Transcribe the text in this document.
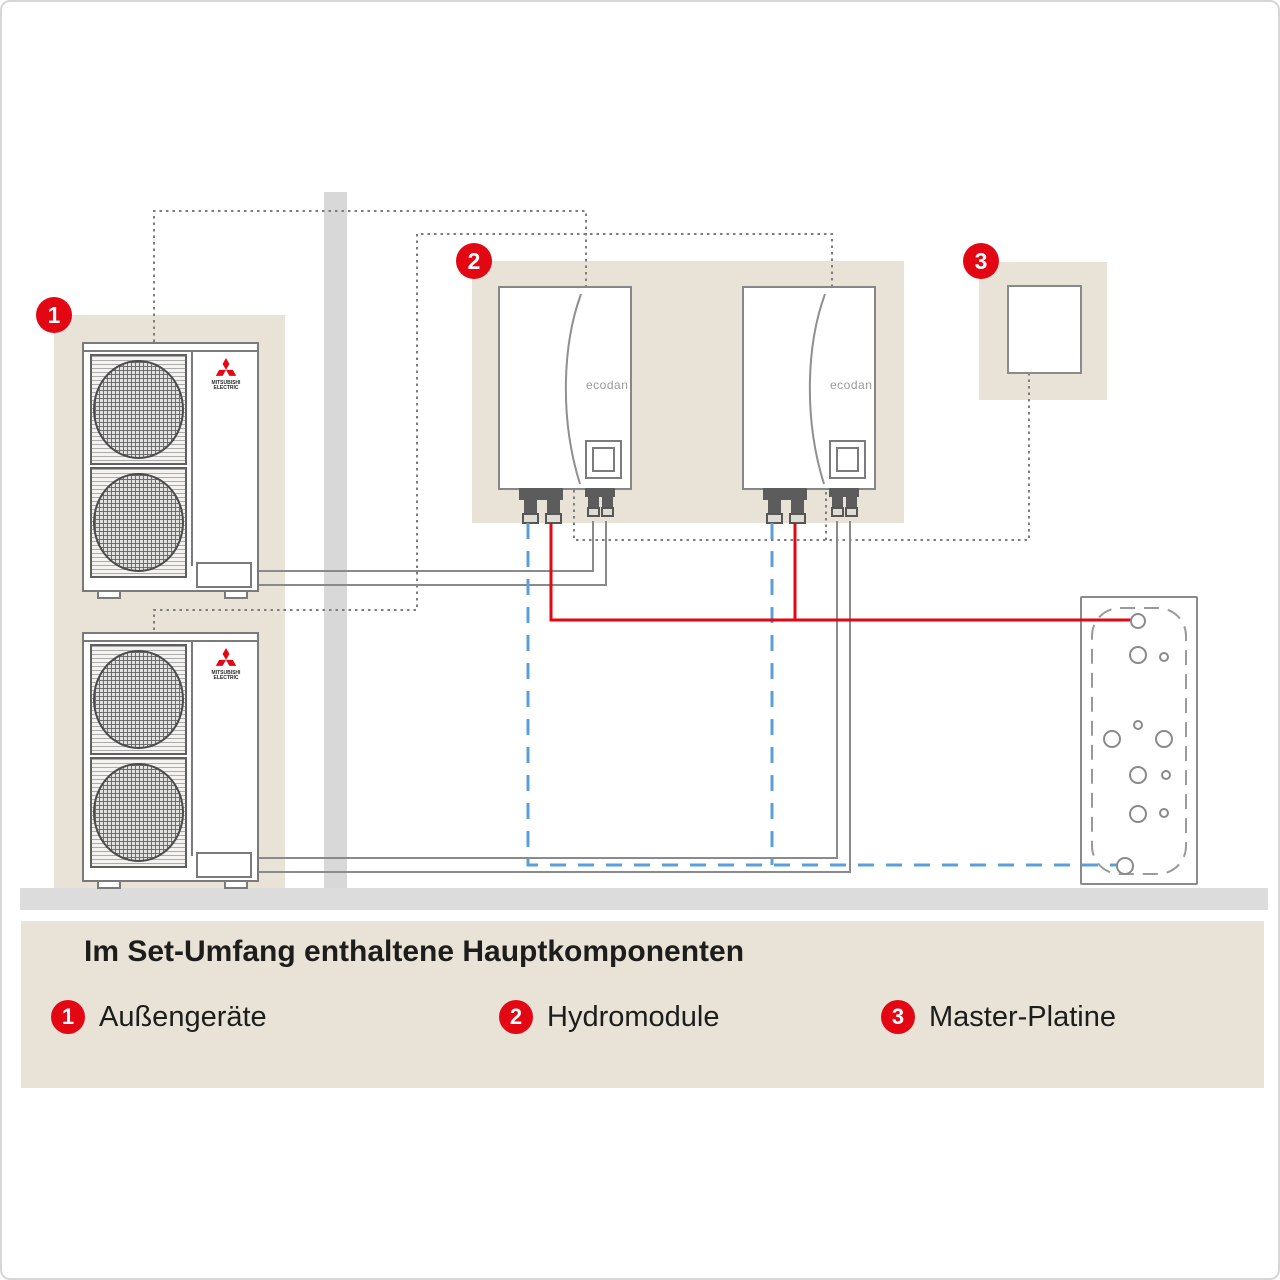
MITSUBISHI ELECTRIC
MITSUBISHI ELECTRIC
ecodan	ecodan
1
2	3
Im Set-Umfang enthaltene Hauptkomponenten
1 Außengeräte	2 Hydromodule	3 Master-Platine
